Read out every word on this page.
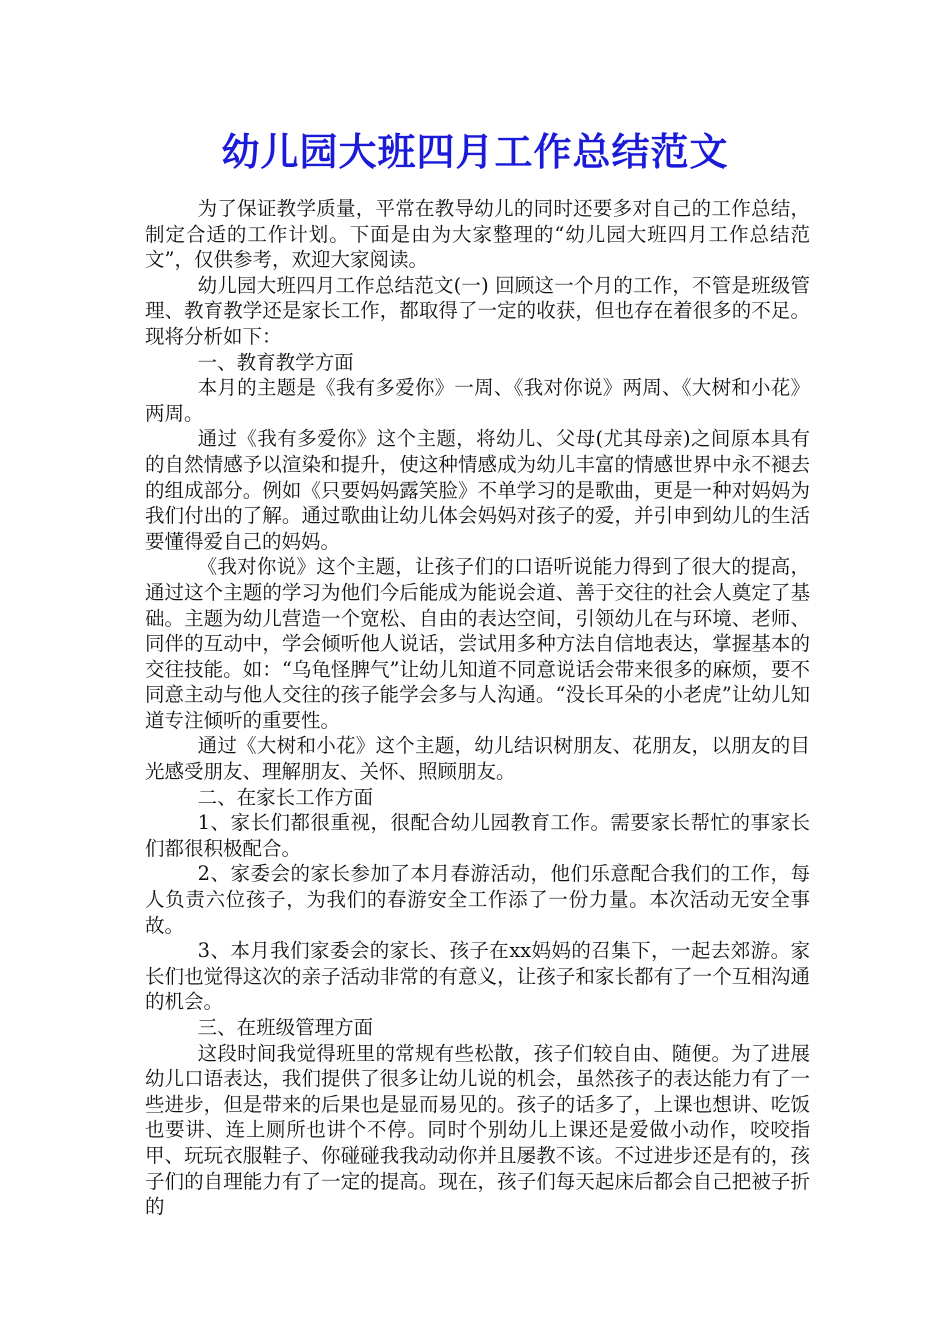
幼儿园大班四月工作总结范文

为了保证教学质量，平常在教导幼儿的同时还要多对自己的工作总结，制定合适的工作计划。下面是由为大家整理的“幼儿园大班四月工作总结范文”，仅供参考，欢迎大家阅读。

幼儿园大班四月工作总结范文(一) 回顾这一个月的工作，不管是班级管理、教育教学还是家长工作，都取得了一定的收获，但也存在着很多的不足。现将分析如下：

一、教育教学方面

本月的主题是《我有多爱你》一周、《我对你说》两周、《大树和小花》两周。

通过《我有多爱你》这个主题，将幼儿、父母(尤其母亲)之间原本具有的自然情感予以渲染和提升，使这种情感成为幼儿丰富的情感世界中永不褪去的组成部分。例如《只要妈妈露笑脸》不单学习的是歌曲，更是一种对妈妈为我们付出的了解。通过歌曲让幼儿体会妈妈对孩子的爱，并引申到幼儿的生活要懂得爱自己的妈妈。

《我对你说》这个主题，让孩子们的口语听说能力得到了很大的提高，通过这个主题的学习为他们今后能成为能说会道、善于交往的社会人奠定了基础。主题为幼儿营造一个宽松、自由的表达空间，引领幼儿在与环境、老师、同伴的互动中，学会倾听他人说话，尝试用多种方法自信地表达，掌握基本的交往技能。如：“乌龟怪脾气”让幼儿知道不同意说话会带来很多的麻烦，要不同意主动与他人交往的孩子能学会多与人沟通。“没长耳朵的小老虎”让幼儿知道专注倾听的重要性。

通过《大树和小花》这个主题，幼儿结识树朋友、花朋友，以朋友的目光感受朋友、理解朋友、关怀、照顾朋友。

二、在家长工作方面

1、家长们都很重视，很配合幼儿园教育工作。需要家长帮忙的事家长们都很积极配合。

2、家委会的家长参加了本月春游活动，他们乐意配合我们的工作，每人负责六位孩子，为我们的春游安全工作添了一份力量。本次活动无安全事故。

3、本月我们家委会的家长、孩子在xx妈妈的召集下，一起去郊游。家长们也觉得这次的亲子活动非常的有意义，让孩子和家长都有了一个互相沟通的机会。

三、在班级管理方面

这段时间我觉得班里的常规有些松散，孩子们较自由、随便。为了进展幼儿口语表达，我们提供了很多让幼儿说的机会，虽然孩子的表达能力有了一些进步，但是带来的后果也是显而易见的。孩子的话多了，上课也想讲、吃饭也要讲、连上厕所也讲个不停。同时个别幼儿上课还是爱做小动作，咬咬指甲、玩玩衣服鞋子、你碰碰我我动动你并且屡教不该。不过进步还是有的，孩子们的自理能力有了一定的提高。现在，孩子们每天起床后都会自己把被子折的
